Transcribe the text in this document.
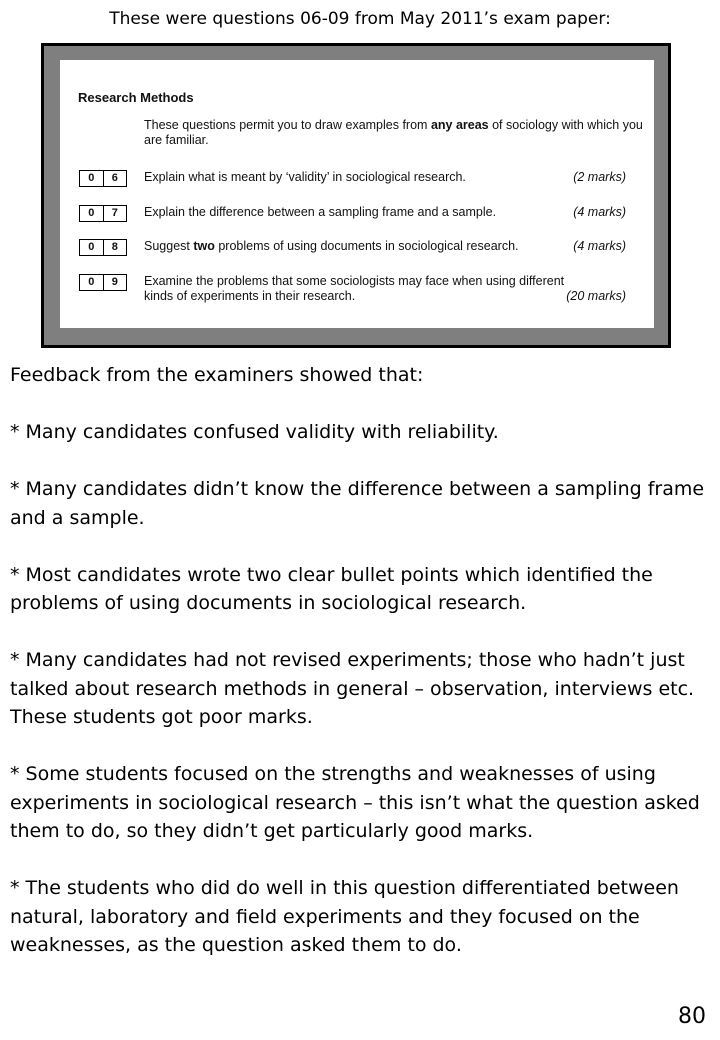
These were questions 06-09 from May 2011’s exam paper:
Research Methods
These questions permit you to draw examples from any areas of sociology with which you are familiar.
0	6	Explain what is meant by ‘validity’ in sociological research.	(2 marks)
0	7	Explain the difference between a sampling frame and a sample.	(4 marks)
0	8	Suggest two problems of using documents in sociological research.	(4 marks)
0	9	Examine the problems that some sociologists may face when using different kinds of experiments in their research.	(20 marks)

Feedback from the examiners showed that:

* Many candidates confused validity with reliability.

* Many candidates didn’t know the difference between a sampling frame and a sample.

* Most candidates wrote two clear bullet points which identified the problems of using documents in sociological research.

* Many candidates had not revised experiments; those who hadn’t just talked about research methods in general – observation, interviews etc. These students got poor marks.

* Some students focused on the strengths and weaknesses of using experiments in sociological research – this isn’t what the question asked them to do, so they didn’t get particularly good marks.

* The students who did do well in this question differentiated between natural, laboratory and field experiments and they focused on the weaknesses, as the question asked them to do.

80
